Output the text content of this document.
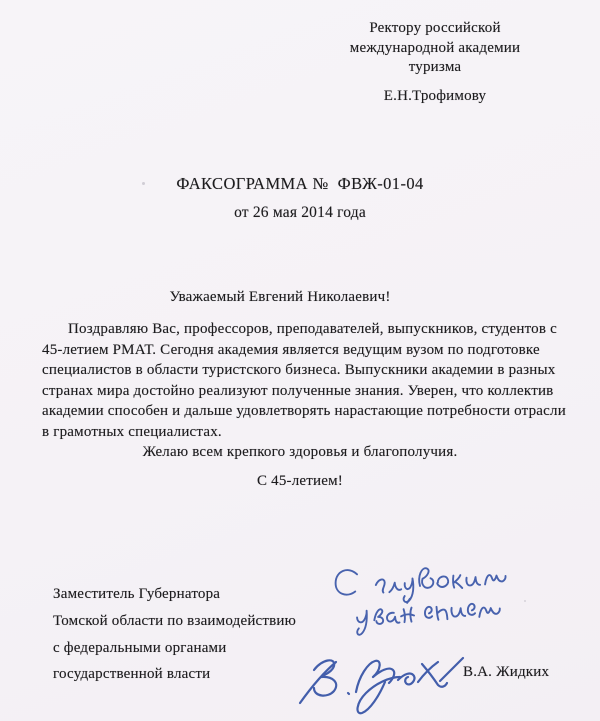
Ректору российской
международной академии
туризма
Е.Н.Трофимову
ФАКСОГРАММА №  ФВЖ-01-04
от 26 мая 2014 года
Уважаемый Евгений Николаевич!
Поздравляю Вас, профессоров, преподавателей, выпускников, студентов с 45-летием РМАТ. Сегодня академия является ведущим вузом по подготовке специалистов в области туристского бизнеса. Выпускники академии в разных странах мира достойно реализуют полученные знания. Уверен, что коллектив академии способен и дальше удовлетворять нарастающие потребности отрасли в грамотных специалистах.
Желаю всем крепкого здоровья и благополучия.
С 45-летием!
Заместитель Губернатора
Томской области по взаимодействию
с федеральными органами
государственной власти	В.А. Жидких
